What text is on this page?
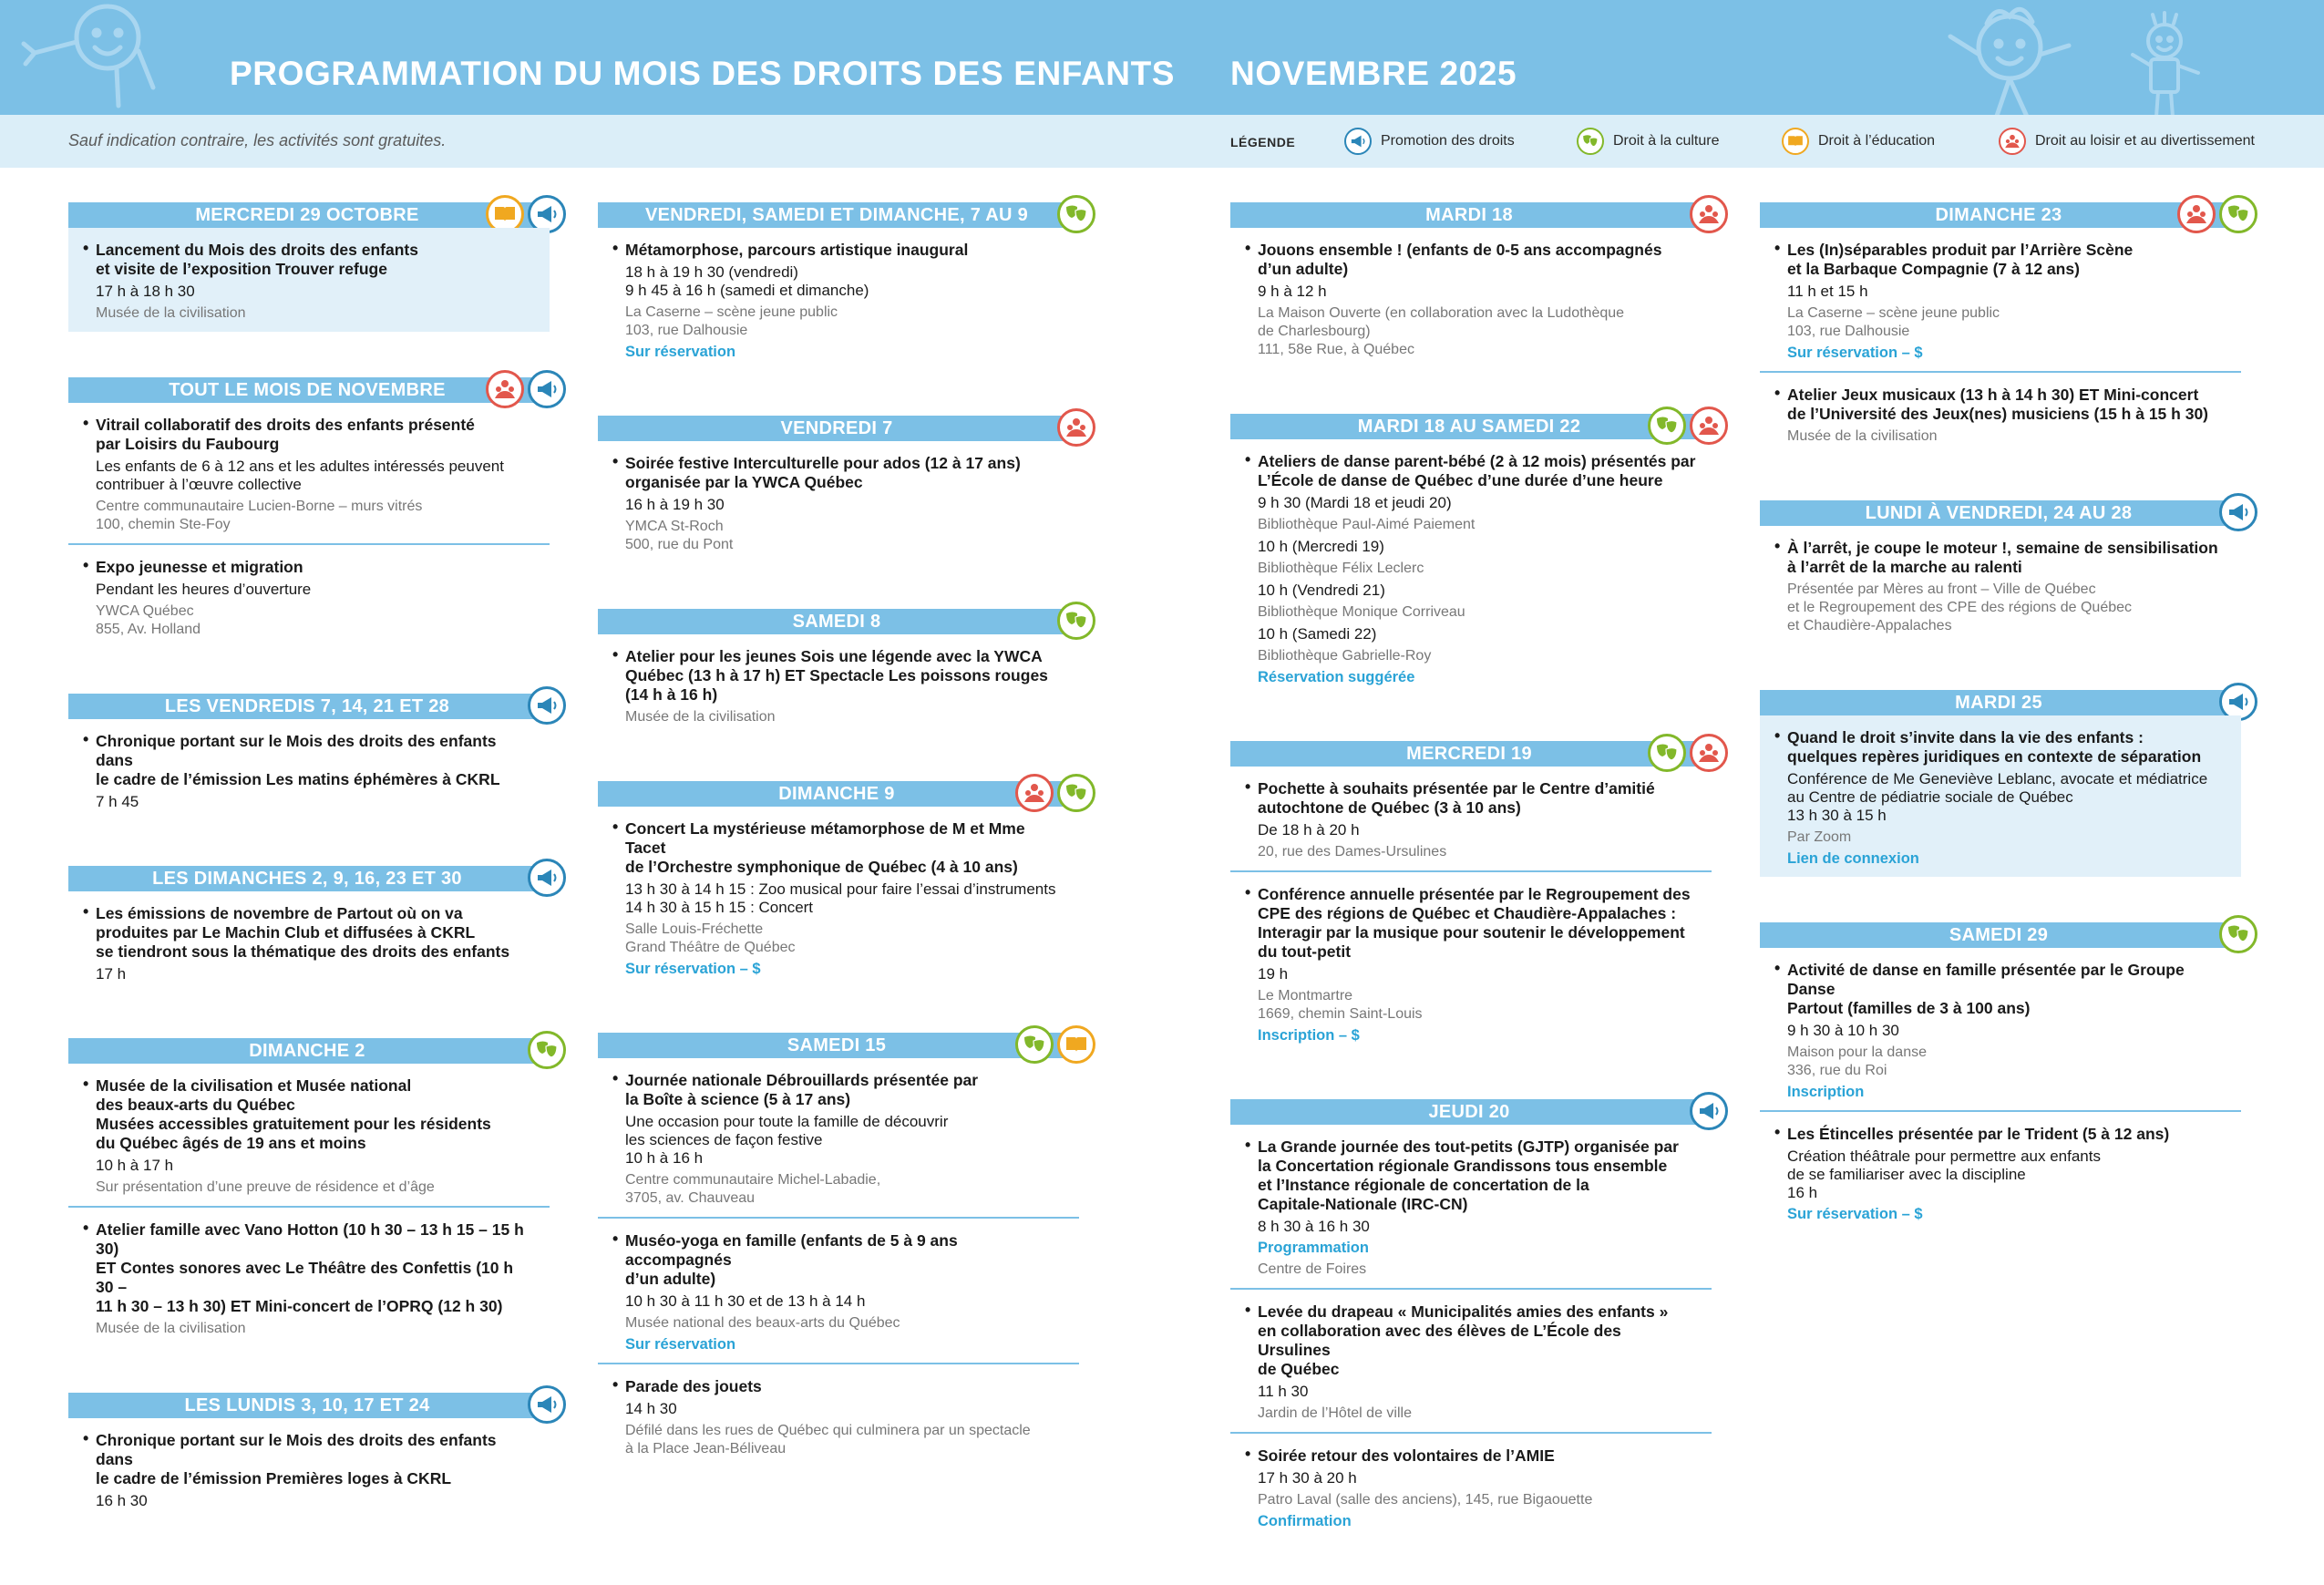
PROGRAMMATION DU MOIS DES DROITS DES ENFANTS NOVEMBRE 2025
Sauf indication contraire, les activités sont gratuites.	LÉGENDE	Promotion des droits	Droit à la culture	Droit à l’éducation	Droit au loisir et au divertissement
MERCREDI 29 OCTOBRE
• Lancement du Mois des droits des enfants
et visite de l’exposition Trouver refuge
17 h à 18 h 30
Musée de la civilisation
TOUT LE MOIS DE NOVEMBRE
• Vitrail collaboratif des droits des enfants présenté
par Loisirs du Faubourg
Les enfants de 6 à 12 ans et les adultes intéressés peuvent
contribuer à l’œuvre collective
Centre communautaire Lucien-Borne – murs vitrés
100, chemin Ste-Foy
• Expo jeunesse et migration
Pendant les heures d’ouverture
YWCA Québec
855, Av. Holland
LES VENDREDIS 7, 14, 21 ET 28
• Chronique portant sur le Mois des droits des enfants dans
le cadre de l’émission Les matins éphémères à CKRL
7 h 45
LES DIMANCHES 2, 9, 16, 23 ET 30
• Les émissions de novembre de Partout où on va
produites par Le Machin Club et diffusées à CKRL
se tiendront sous la thématique des droits des enfants
17 h
DIMANCHE 2
• Musée de la civilisation et Musée national
des beaux-arts du Québec
Musées accessibles gratuitement pour les résidents
du Québec âgés de 19 ans et moins
10 h à 17 h
Sur présentation d’une preuve de résidence et d’âge
• Atelier famille avec Vano Hotton (10 h 30 – 13 h 15 – 15 h 30)
ET Contes sonores avec Le Théâtre des Confettis (10 h 30 –
11 h 30 – 13 h 30) ET Mini-concert de l’OPRQ (12 h 30)
Musée de la civilisation
LES LUNDIS 3, 10, 17 ET 24
• Chronique portant sur le Mois des droits des enfants dans
le cadre de l’émission Premières loges à CKRL
16 h 30
VENDREDI, SAMEDI ET DIMANCHE, 7 AU 9
• Métamorphose, parcours artistique inaugural
18 h à 19 h 30 (vendredi)
9 h 45 à 16 h (samedi et dimanche)
La Caserne – scène jeune public
103, rue Dalhousie
Sur réservation
VENDREDI 7
• Soirée festive Interculturelle pour ados (12 à 17 ans)
organisée par la YWCA Québec
16 h à 19 h 30
YMCA St-Roch
500, rue du Pont
SAMEDI 8
• Atelier pour les jeunes Sois une légende avec la YWCA
Québec (13 h à 17 h) ET Spectacle Les poissons rouges
(14 h à 16 h)
Musée de la civilisation
DIMANCHE 9
• Concert La mystérieuse métamorphose de M et Mme Tacet
de l’Orchestre symphonique de Québec (4 à 10 ans)
13 h 30 à 14 h 15 : Zoo musical pour faire l’essai d’instruments
14 h 30 à 15 h 15 : Concert
Salle Louis-Fréchette
Grand Théâtre de Québec
Sur réservation – $
SAMEDI 15
• Journée nationale Débrouillards présentée par
la Boîte à science (5 à 17 ans)
Une occasion pour toute la famille de découvrir
les sciences de façon festive
10 h à 16 h
Centre communautaire Michel-Labadie,
3705, av. Chauveau
• Muséo-yoga en famille (enfants de 5 à 9 ans accompagnés
d’un adulte)
10 h 30 à 11 h 30 et de 13 h à 14 h
Musée national des beaux-arts du Québec
Sur réservation
• Parade des jouets
14 h 30
Défilé dans les rues de Québec qui culminera par un spectacle
à la Place Jean-Béliveau
MARDI 18
• Jouons ensemble ! (enfants de 0-5 ans accompagnés
d’un adulte)
9 h à 12 h
La Maison Ouverte (en collaboration avec la Ludothèque
de Charlesbourg)
111, 58e Rue, à Québec
MARDI 18 AU SAMEDI 22
• Ateliers de danse parent-bébé (2 à 12 mois) présentés par
L’École de danse de Québec d’une durée d’une heure
9 h 30 (Mardi 18 et jeudi 20)
Bibliothèque Paul-Aimé Paiement
10 h (Mercredi 19)
Bibliothèque Félix Leclerc
10 h (Vendredi 21)
Bibliothèque Monique Corriveau
10 h (Samedi 22)
Bibliothèque Gabrielle-Roy
Réservation suggérée
MERCREDI 19
• Pochette à souhaits présentée par le Centre d’amitié
autochtone de Québec (3 à 10 ans)
De 18 h à 20 h
20, rue des Dames-Ursulines
• Conférence annuelle présentée par le Regroupement des
CPE des régions de Québec et Chaudière-Appalaches :
Interagir par la musique pour soutenir le développement
du tout-petit
19 h
Le Montmartre
1669, chemin Saint-Louis
Inscription – $
JEUDI 20
• La Grande journée des tout-petits (GJTP) organisée par
la Concertation régionale Grandissons tous ensemble
et l’Instance régionale de concertation de la
Capitale-Nationale (IRC-CN)
8 h 30 à 16 h 30
Programmation
Centre de Foires
• Levée du drapeau « Municipalités amies des enfants »
en collaboration avec des élèves de L’École des Ursulines
de Québec
11 h 30
Jardin de l’Hôtel de ville
• Soirée retour des volontaires de l’AMIE
17 h 30 à 20 h
Patro Laval (salle des anciens), 145, rue Bigaouette
Confirmation
DIMANCHE 23
• Les (In)séparables produit par l’Arrière Scène
et la Barbaque Compagnie (7 à 12 ans)
11 h et 15 h
La Caserne – scène jeune public
103, rue Dalhousie
Sur réservation – $
• Atelier Jeux musicaux (13 h à 14 h 30) ET Mini-concert
de l’Université des Jeux(nes) musiciens (15 h à 15 h 30)
Musée de la civilisation
LUNDI À VENDREDI, 24 AU 28
• À l’arrêt, je coupe le moteur !, semaine de sensibilisation
à l’arrêt de la marche au ralenti
Présentée par Mères au front – Ville de Québec
et le Regroupement des CPE des régions de Québec
et Chaudière-Appalaches
MARDI 25
• Quand le droit s’invite dans la vie des enfants :
quelques repères juridiques en contexte de séparation
Conférence de Me Geneviève Leblanc, avocate et médiatrice
au Centre de pédiatrie sociale de Québec
13 h 30 à 15 h
Par Zoom
Lien de connexion
SAMEDI 29
• Activité de danse en famille présentée par le Groupe Danse
Partout (familles de 3 à 100 ans)
9 h 30 à 10 h 30
Maison pour la danse
336, rue du Roi
Inscription
• Les Étincelles présentée par le Trident (5 à 12 ans)
Création théâtrale pour permettre aux enfants
de se familiariser avec la discipline
16 h
Sur réservation – $
